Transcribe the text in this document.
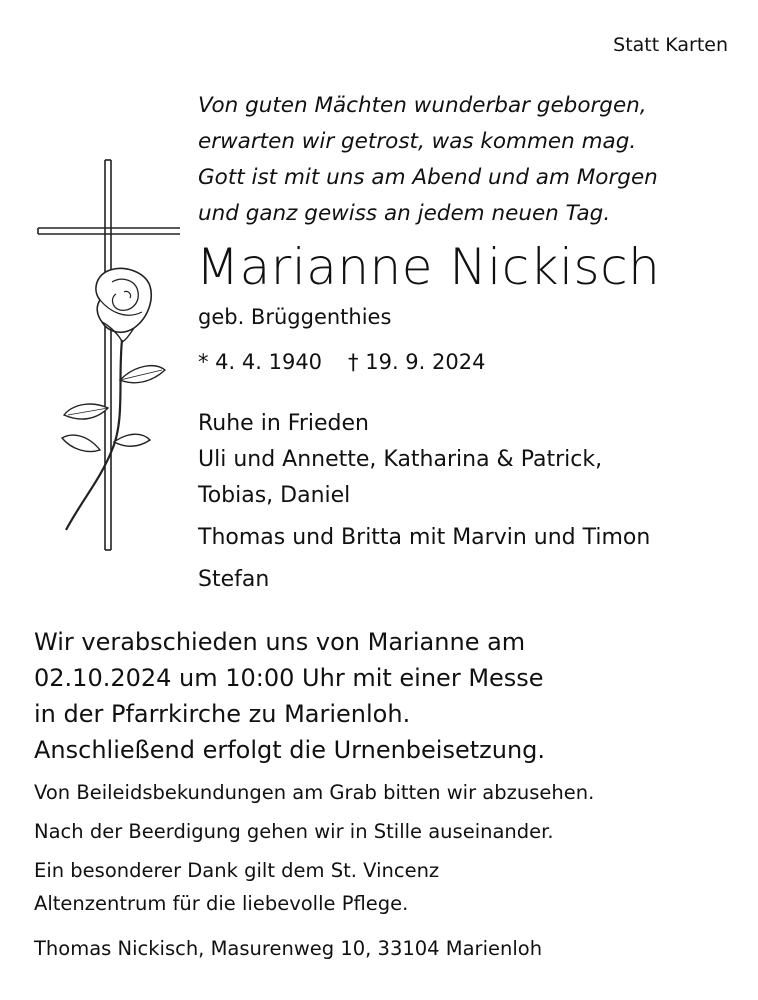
Statt Karten
Von guten Mächten wunderbar geborgen,
erwarten wir getrost, was kommen mag.
Gott ist mit uns am Abend und am Morgen
und ganz gewiss an jedem neuen Tag.
Marianne Nickisch
geb. Brüggenthies
* 4. 4. 1940 † 19. 9. 2024
Ruhe in Frieden
Uli und Annette, Katharina & Patrick,
Tobias, Daniel
Thomas und Britta mit Marvin und Timon
Stefan
Wir verabschieden uns von Marianne am
02.10.2024 um 10:00 Uhr mit einer Messe
in der Pfarrkirche zu Marienloh.
Anschließend erfolgt die Urnenbeisetzung.
Von Beileidsbekundungen am Grab bitten wir abzusehen.
Nach der Beerdigung gehen wir in Stille auseinander.
Ein besonderer Dank gilt dem St. Vincenz
Altenzentrum für die liebevolle Pflege.
Thomas Nickisch, Masurenweg 10, 33104 Marienloh
